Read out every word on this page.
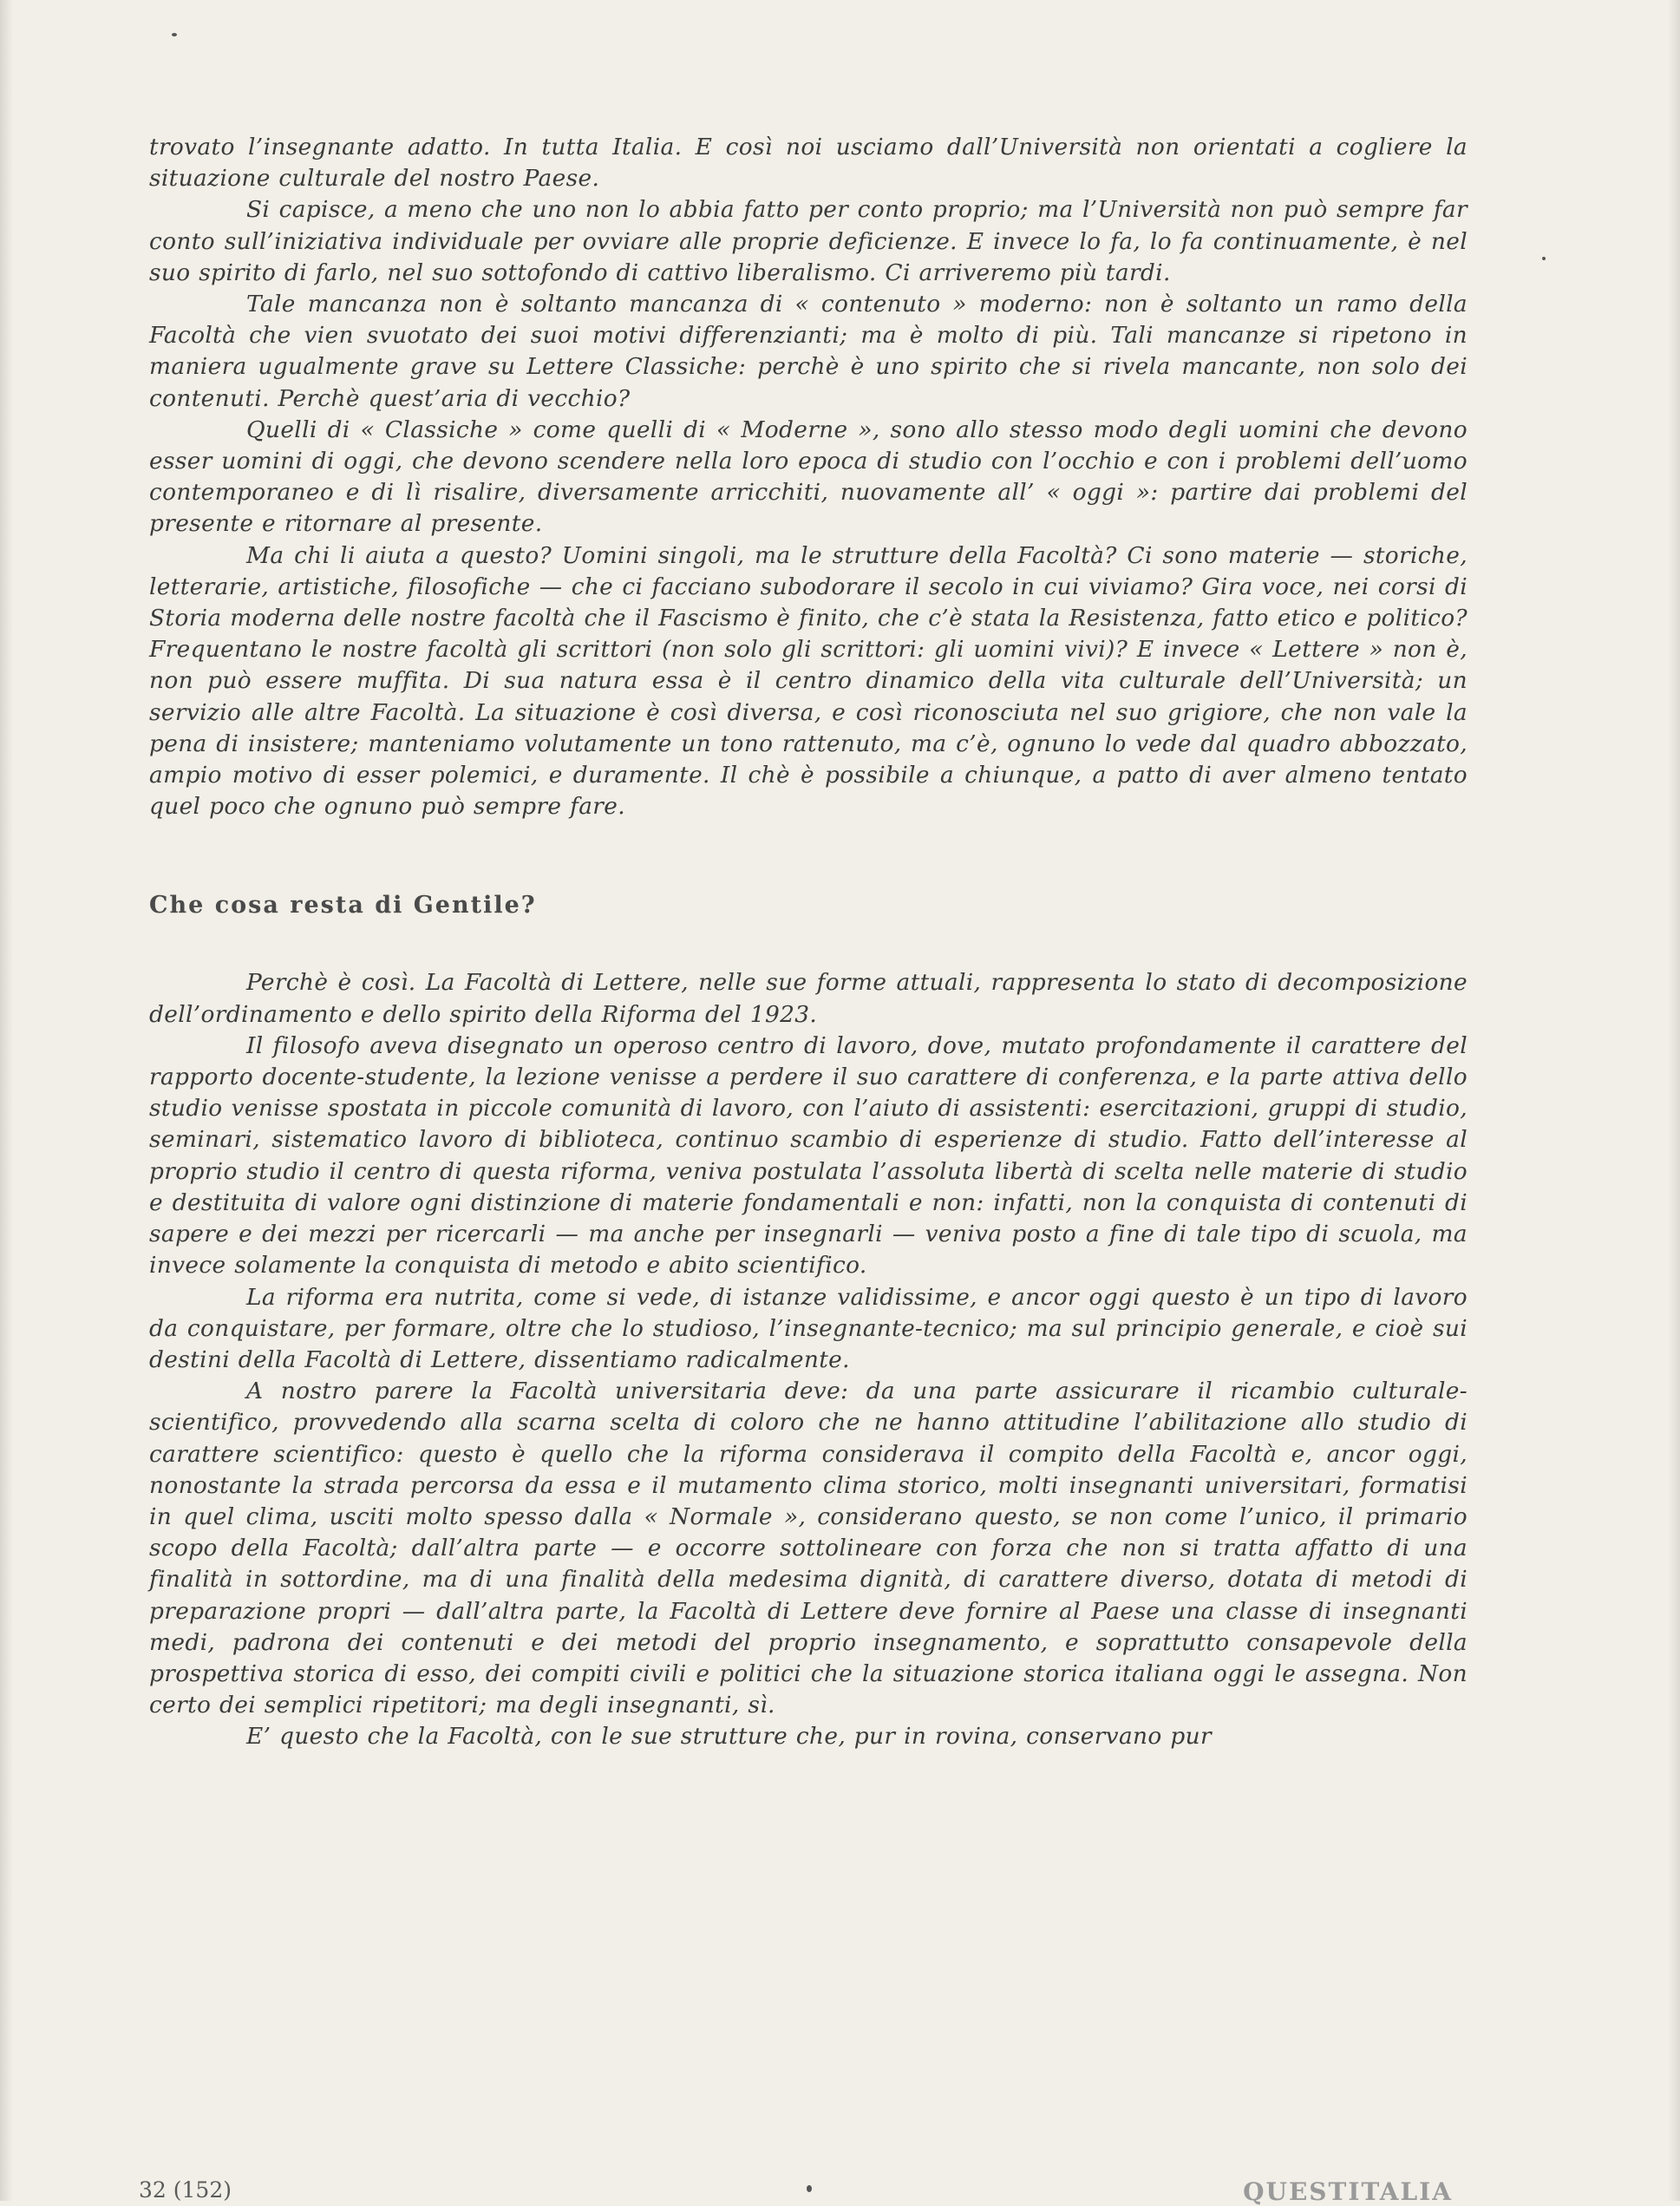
trovato l’insegnante adatto. In tutta Italia. E così noi usciamo dall’Università non orientati a cogliere la situazione culturale del nostro Paese.

Si capisce, a meno che uno non lo abbia fatto per conto proprio; ma l’Università non può sempre far conto sull’iniziativa individuale per ovviare alle proprie deficienze. E invece lo fa, lo fa continuamente, è nel suo spirito di farlo, nel suo sottofondo di cattivo liberalismo. Ci arriveremo più tardi.

Tale mancanza non è soltanto mancanza di « contenuto » moderno: non è soltanto un ramo della Facoltà che vien svuotato dei suoi motivi differenzianti; ma è molto di più. Tali mancanze si ripetono in maniera ugualmente grave su Lettere Classiche: perchè è uno spirito che si rivela mancante, non solo dei contenuti. Perchè quest’aria di vecchio?

Quelli di « Classiche » come quelli di « Moderne », sono allo stesso modo degli uomini che devono esser uomini di oggi, che devono scendere nella loro epoca di studio con l’occhio e con i problemi dell’uomo contemporaneo e di lì risalire, diversamente arricchiti, nuovamente all’ « oggi »: partire dai problemi del presente e ritornare al presente.

Ma chi li aiuta a questo? Uomini singoli, ma le strutture della Facoltà? Ci sono materie — storiche, letterarie, artistiche, filosofiche — che ci facciano subodorare il secolo in cui viviamo? Gira voce, nei corsi di Storia moderna delle nostre facoltà che il Fascismo è finito, che c’è stata la Resistenza, fatto etico e politico? Frequentano le nostre facoltà gli scrittori (non solo gli scrittori: gli uomini vivi)? E invece « Lettere » non è, non può essere muffita. Di sua natura essa è il centro dinamico della vita culturale dell’Università; un servizio alle altre Facoltà. La situazione è così diversa, e così riconosciuta nel suo grigiore, che non vale la pena di insistere; manteniamo volutamente un tono rattenuto, ma c’è, ognuno lo vede dal quadro abbozzato, ampio motivo di esser polemici, e duramente. Il chè è possibile a chiunque, a patto di aver almeno tentato quel poco che ognuno può sempre fare.

Che cosa resta di Gentile?

Perchè è così. La Facoltà di Lettere, nelle sue forme attuali, rappresenta lo stato di decomposizione dell’ordinamento e dello spirito della Riforma del 1923.

Il filosofo aveva disegnato un operoso centro di lavoro, dove, mutato profondamente il carattere del rapporto docente-studente, la lezione venisse a perdere il suo carattere di conferenza, e la parte attiva dello studio venisse spostata in piccole comunità di lavoro, con l’aiuto di assistenti: esercitazioni, gruppi di studio, seminari, sistematico lavoro di biblioteca, continuo scambio di esperienze di studio. Fatto dell’interesse al proprio studio il centro di questa riforma, veniva postulata l’assoluta libertà di scelta nelle materie di studio e destituita di valore ogni distinzione di materie fondamentali e non: infatti, non la conquista di contenuti di sapere e dei mezzi per ricercarli — ma anche per insegnarli — veniva posto a fine di tale tipo di scuola, ma invece solamente la conquista di metodo e abito scientifico.

La riforma era nutrita, come si vede, di istanze validissime, e ancor oggi questo è un tipo di lavoro da conquistare, per formare, oltre che lo studioso, l’insegnante-tecnico; ma sul principio generale, e cioè sui destini della Facoltà di Lettere, dissentiamo radicalmente.

A nostro parere la Facoltà universitaria deve: da una parte assicurare il ricambio culturale-scientifico, provvedendo alla scarna scelta di coloro che ne hanno attitudine l’abilitazione allo studio di carattere scientifico: questo è quello che la riforma considerava il compito della Facoltà e, ancor oggi, nonostante la strada percorsa da essa e il mutamento clima storico, molti insegnanti universitari, formatisi in quel clima, usciti molto spesso dalla « Normale », considerano questo, se non come l’unico, il primario scopo della Facoltà; dall’altra parte — e occorre sottolineare con forza che non si tratta affatto di una finalità in sottordine, ma di una finalità della medesima dignità, di carattere diverso, dotata di metodi di preparazione propri — dall’altra parte, la Facoltà di Lettere deve fornire al Paese una classe di insegnanti medi, padrona dei contenuti e dei metodi del proprio insegnamento, e soprattutto consapevole della prospettiva storica di esso, dei compiti civili e politici che la situazione storica italiana oggi le assegna. Non certo dei semplici ripetitori; ma degli insegnanti, sì.

E’ questo che la Facoltà, con le sue strutture che, pur in rovina, conservano pur

32 (152)	QUESTITALIA
